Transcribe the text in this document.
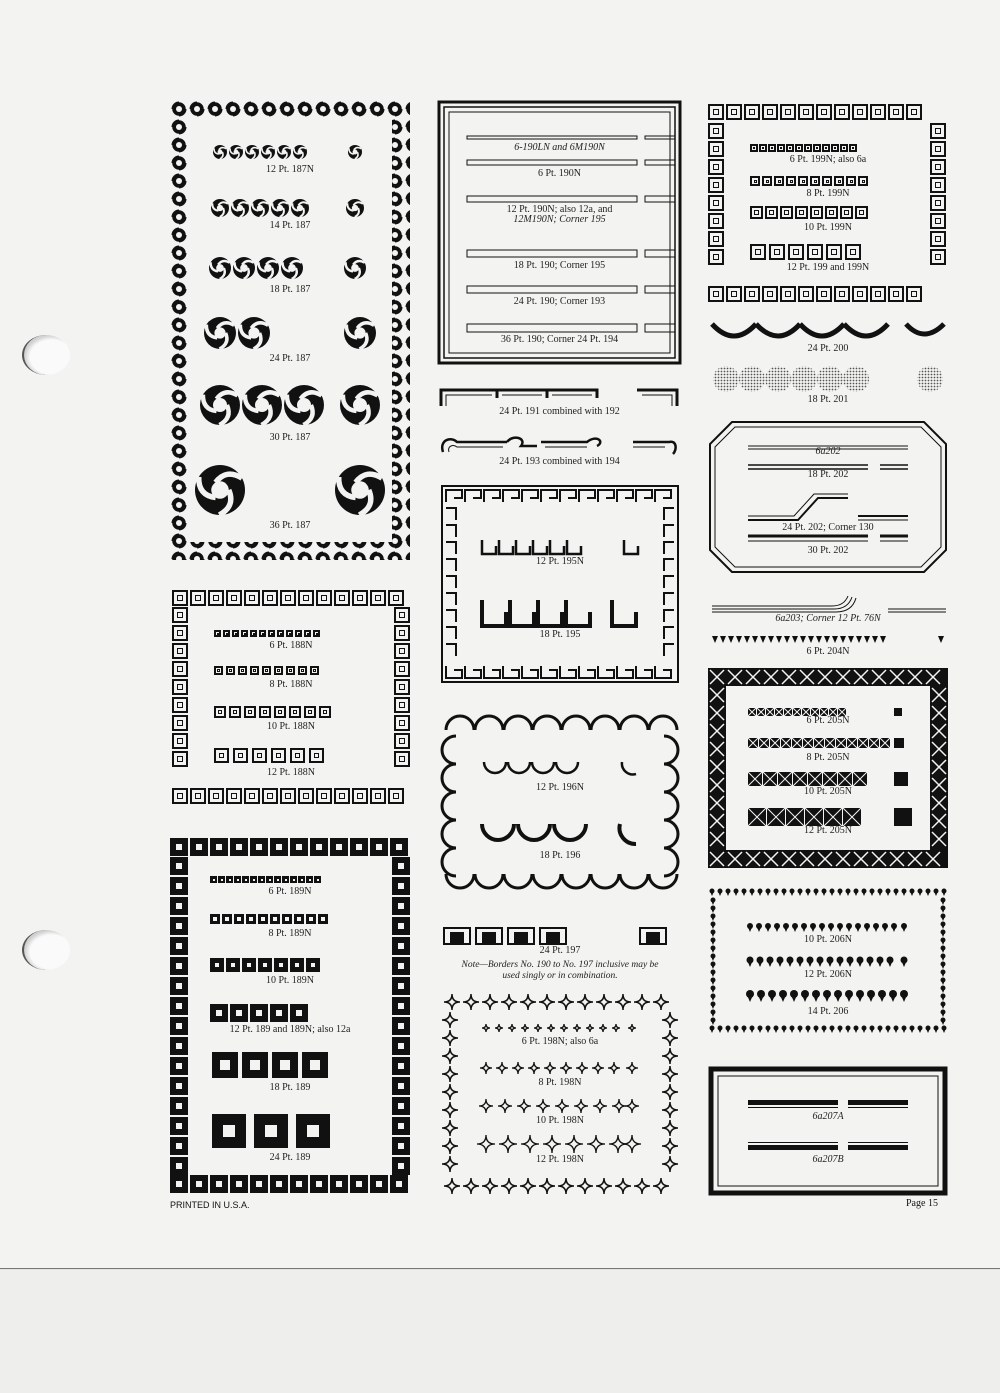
12 Pt. 187N
14 Pt. 187
18 Pt. 187
24 Pt. 187
30 Pt. 187
36 Pt. 187
6 Pt. 188N
8 Pt. 188N
10 Pt. 188N
12 Pt. 188N
6 Pt. 189N
8 Pt. 189N
10 Pt. 189N
12 Pt. 189 and 189N; also 12a
18 Pt. 189
24 Pt. 189
PRINTED IN U.S.A.
6-190LN and 6M190N
6 Pt. 190N
12 Pt. 190N; also 12a, and
12M190N; Corner 195
18 Pt. 190; Corner 195
24 Pt. 190; Corner 193
36 Pt. 190; Corner 24 Pt. 194
24 Pt. 191 combined with 192
24 Pt. 193 combined with 194
12 Pt. 195N
18 Pt. 195
12 Pt. 196N
18 Pt. 196
24 Pt. 197
Note—Borders No. 190 to No. 197 inclusive may be
used singly or in combination.
6 Pt. 198N; also 6a
8 Pt. 198N
10 Pt. 198N
12 Pt. 198N
6 Pt. 199N; also 6a
8 Pt. 199N
10 Pt. 199N
12 Pt. 199 and 199N
24 Pt. 200
18 Pt. 201
6a202
18 Pt. 202
24 Pt. 202; Corner 130
30 Pt. 202
6a203; Corner 12 Pt. 76N
6 Pt. 204N
6 Pt. 205N
8 Pt. 205N
10 Pt. 205N
12 Pt. 205N
10 Pt. 206N
12 Pt. 206N
14 Pt. 206
6a207A
6a207B
Page 15
